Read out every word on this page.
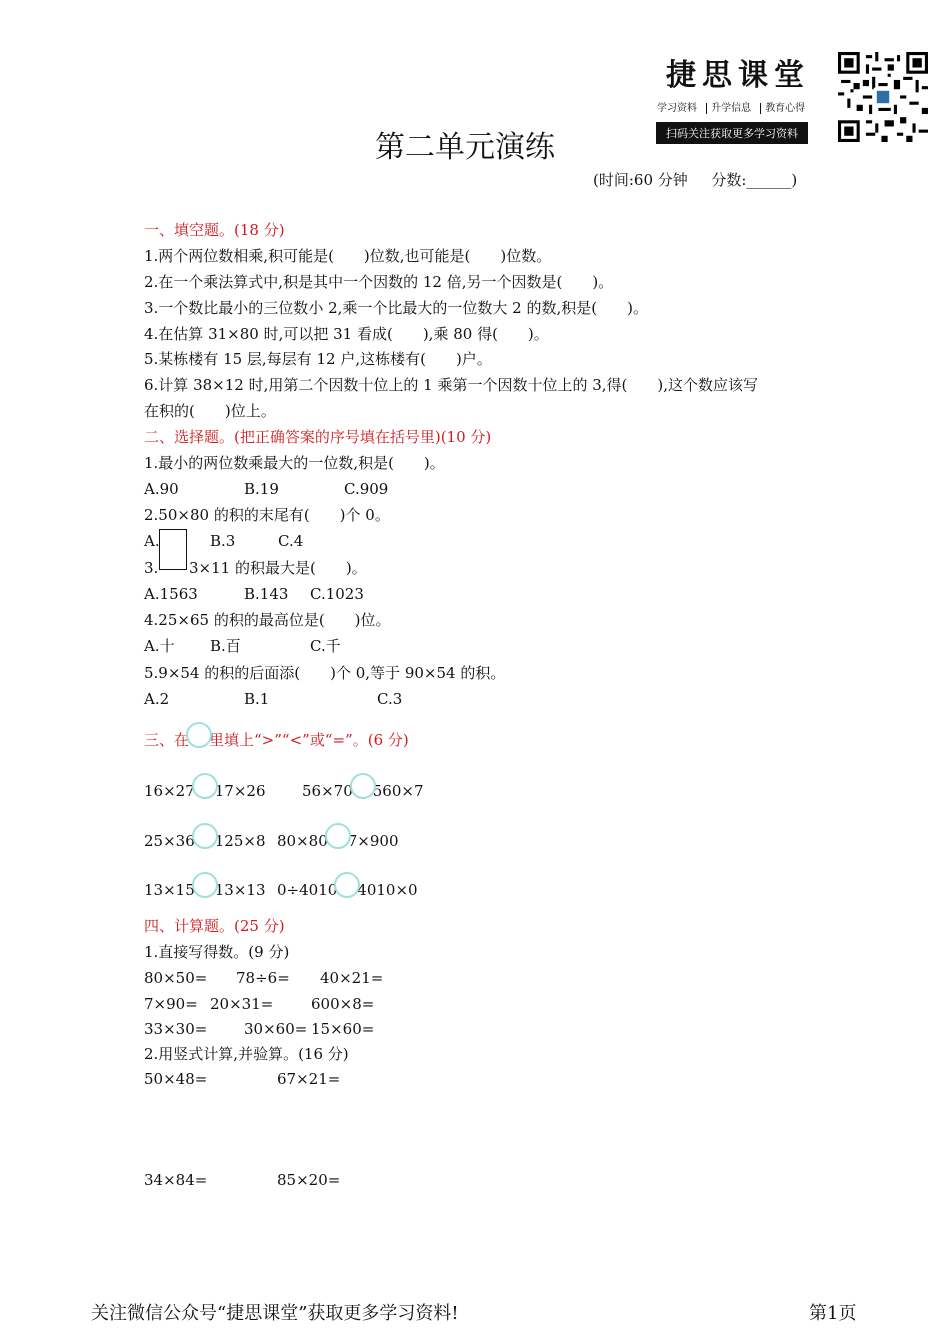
捷思课堂
学习资料 升学信息 教育心得
扫码关注获取更多学习资料
第二单元演练
(时间:60 分钟 分数:______)
一、填空题。(18 分)
1.两个两位数相乘,积可能是(　　)位数,也可能是(　　)位数。
2.在一个乘法算式中,积是其中一个因数的 12 倍,另一个因数是(　　)。
3.一个数比最小的三位数小 2,乘一个比最大的一位数大 2 的数,积是(　　)。
4.在估算 31×80 时,可以把 31 看成(　　),乘 80 得(　　)。
5.某栋楼有 15 层,每层有 12 户,这栋楼有(　　)户。
6.计算 38×12 时,用第二个因数十位上的 1 乘第一个因数十位上的 3,得(　　),这个数应该写
在积的(　　)位上。
二、选择题。(把正确答案的序号填在括号里)(10 分)
1.最小的两位数乘最大的一位数,积是(　　)。
A.90	B.19	C.909
2.50×80 的积的末尾有(　　)个 0。
A.	B.3	C.4
3. 3×11 的积最大是(　　)。
A.1563	B.143 C.1023
4.25×65 的积的最高位是(　　)位。
A.十 B.百	C.千
5.9×54 的积的后面添(　　)个 0,等于 90×54 的积。
A.2	B.1	C.3
三、在 里填上“>”“<”或“=”。(6 分)
16×27 17×26 56×70 560×7
25×36 125×8 80×80 7×900
13×15 13×13 0÷4010 4010×0
四、计算题。(25 分)
1.直接写得数。(9 分)
80×50= 78÷6= 40×21=
7×90= 20×31=	600×8=
33×30= 30×60= 15×60=
2.用竖式计算,并验算。(16 分)
50×48=	67×21=
34×84=	85×20=
关注微信公众号“捷思课堂”获取更多学习资料!	第1页
